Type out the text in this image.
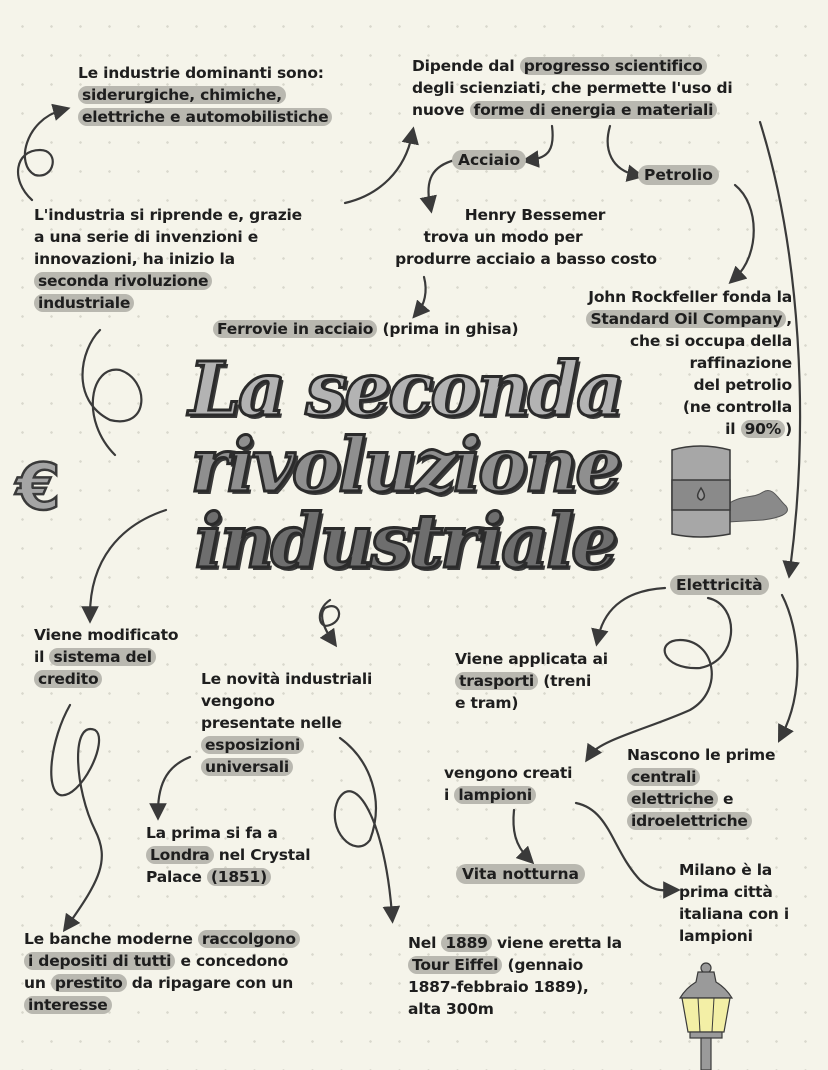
Le industrie dominanti sono:
siderurgiche, chimiche,
elettriche e automobilistiche
Dipende dal progresso scientifico
degli scienziati, che permette l'uso di
nuove forme di energia e materiali
Acciaio
Petrolio
L'industria si riprende e, grazie
a una serie di invenzioni e
innovazioni, ha inizio la
seconda rivoluzione
industriale
Henry Bessemer
trova un modo per
produrre acciaio a basso costo
Ferrovie in acciaio (prima in ghisa)
John Rockfeller fonda la
Standard Oil Company ,
che si occupa della
raffinazione
del petrolio
(ne controlla
il 90% )
€
La seconda
rivoluzione
industriale	Elettricità
Viene modificato
il sistema del
credito	Le novità industriali
vengono
presentate nelle
esposizioni
universali
Viene applicata ai
trasporti (treni
e tram)
Nascono le prime
centrali
elettriche e
idroelettriche
vengono creati
i lampioni
La prima si fa a
Londra nel Crystal
Palace (1851)	Vita notturna	Milano è la
prima città
italiana con i
lampioni
Le banche moderne raccolgono
i depositi di tutti e concedono
un prestito da ripagare con un
interesse
Nel 1889 viene eretta la
Tour Eiffel (gennaio
1887-febbraio 1889),
alta 300m
